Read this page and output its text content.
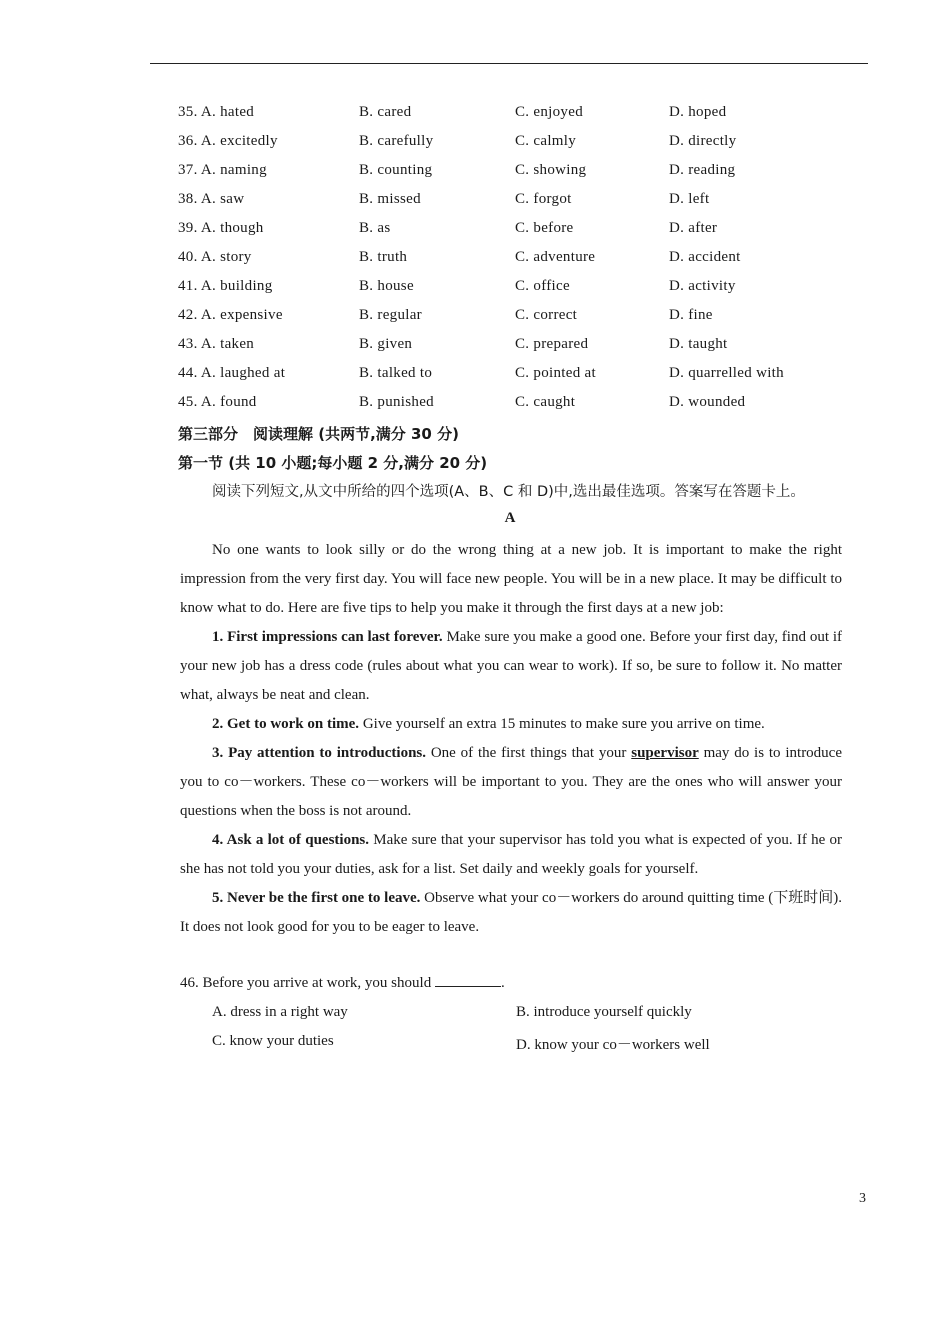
35. A. hated	B. cared	C. enjoyed	D. hoped
36. A. excitedly	B. carefully	C. calmly	D. directly
37. A. naming	B. counting	C. showing	D. reading
38. A. saw	B. missed	C. forgot	D. left
39. A. though	B. as	C. before	D. after
40. A. story	B. truth	C. adventure	D. accident
41. A. building	B. house	C. office	D. activity
42. A. expensive	B. regular	C. correct	D. fine
43. A. taken	B. given	C. prepared	D. taught
44. A. laughed at	B. talked to	C. pointed at	D. quarrelled with
45. A. found	B. punished	C. caught	D. wounded
第三部分　阅读理解 (共两节,满分 30 分)
第一节 (共 10 小题;每小题 2 分,满分 20 分)
阅读下列短文,从文中所给的四个选项(A、B、C 和 D)中,选出最佳选项。答案写在答题卡上。
A

No one wants to look silly or do the wrong thing at a new job. It is important to make the right impression from the very first day. You will face new people. You will be in a new place. It may be difficult to know what to do. Here are five tips to help you make it through the first days at a new job:

1. First impressions can last forever. Make sure you make a good one. Before your first day, find out if your new job has a dress code (rules about what you can wear to work). If so, be sure to follow it. No matter what, always be neat and clean.

2. Get to work on time. Give yourself an extra 15 minutes to make sure you arrive on time.

3. Pay attention to introductions. One of the first things that your supervisor may do is to introduce you to co－workers. These co－workers will be important to you. They are the ones who will answer your questions when the boss is not around.

4. Ask a lot of questions. Make sure that your supervisor has told you what is expected of you. If he or she has not told you your duties, ask for a list. Set daily and weekly goals for yourself.

5. Never be the first one to leave. Observe what your co－workers do around quitting time (下班时间). It does not look good for you to be eager to leave.

46. Before you arrive at work, you should	.
A. dress in a right way	B. introduce yourself quickly
C. know your duties	D. know your co－workers well
3
